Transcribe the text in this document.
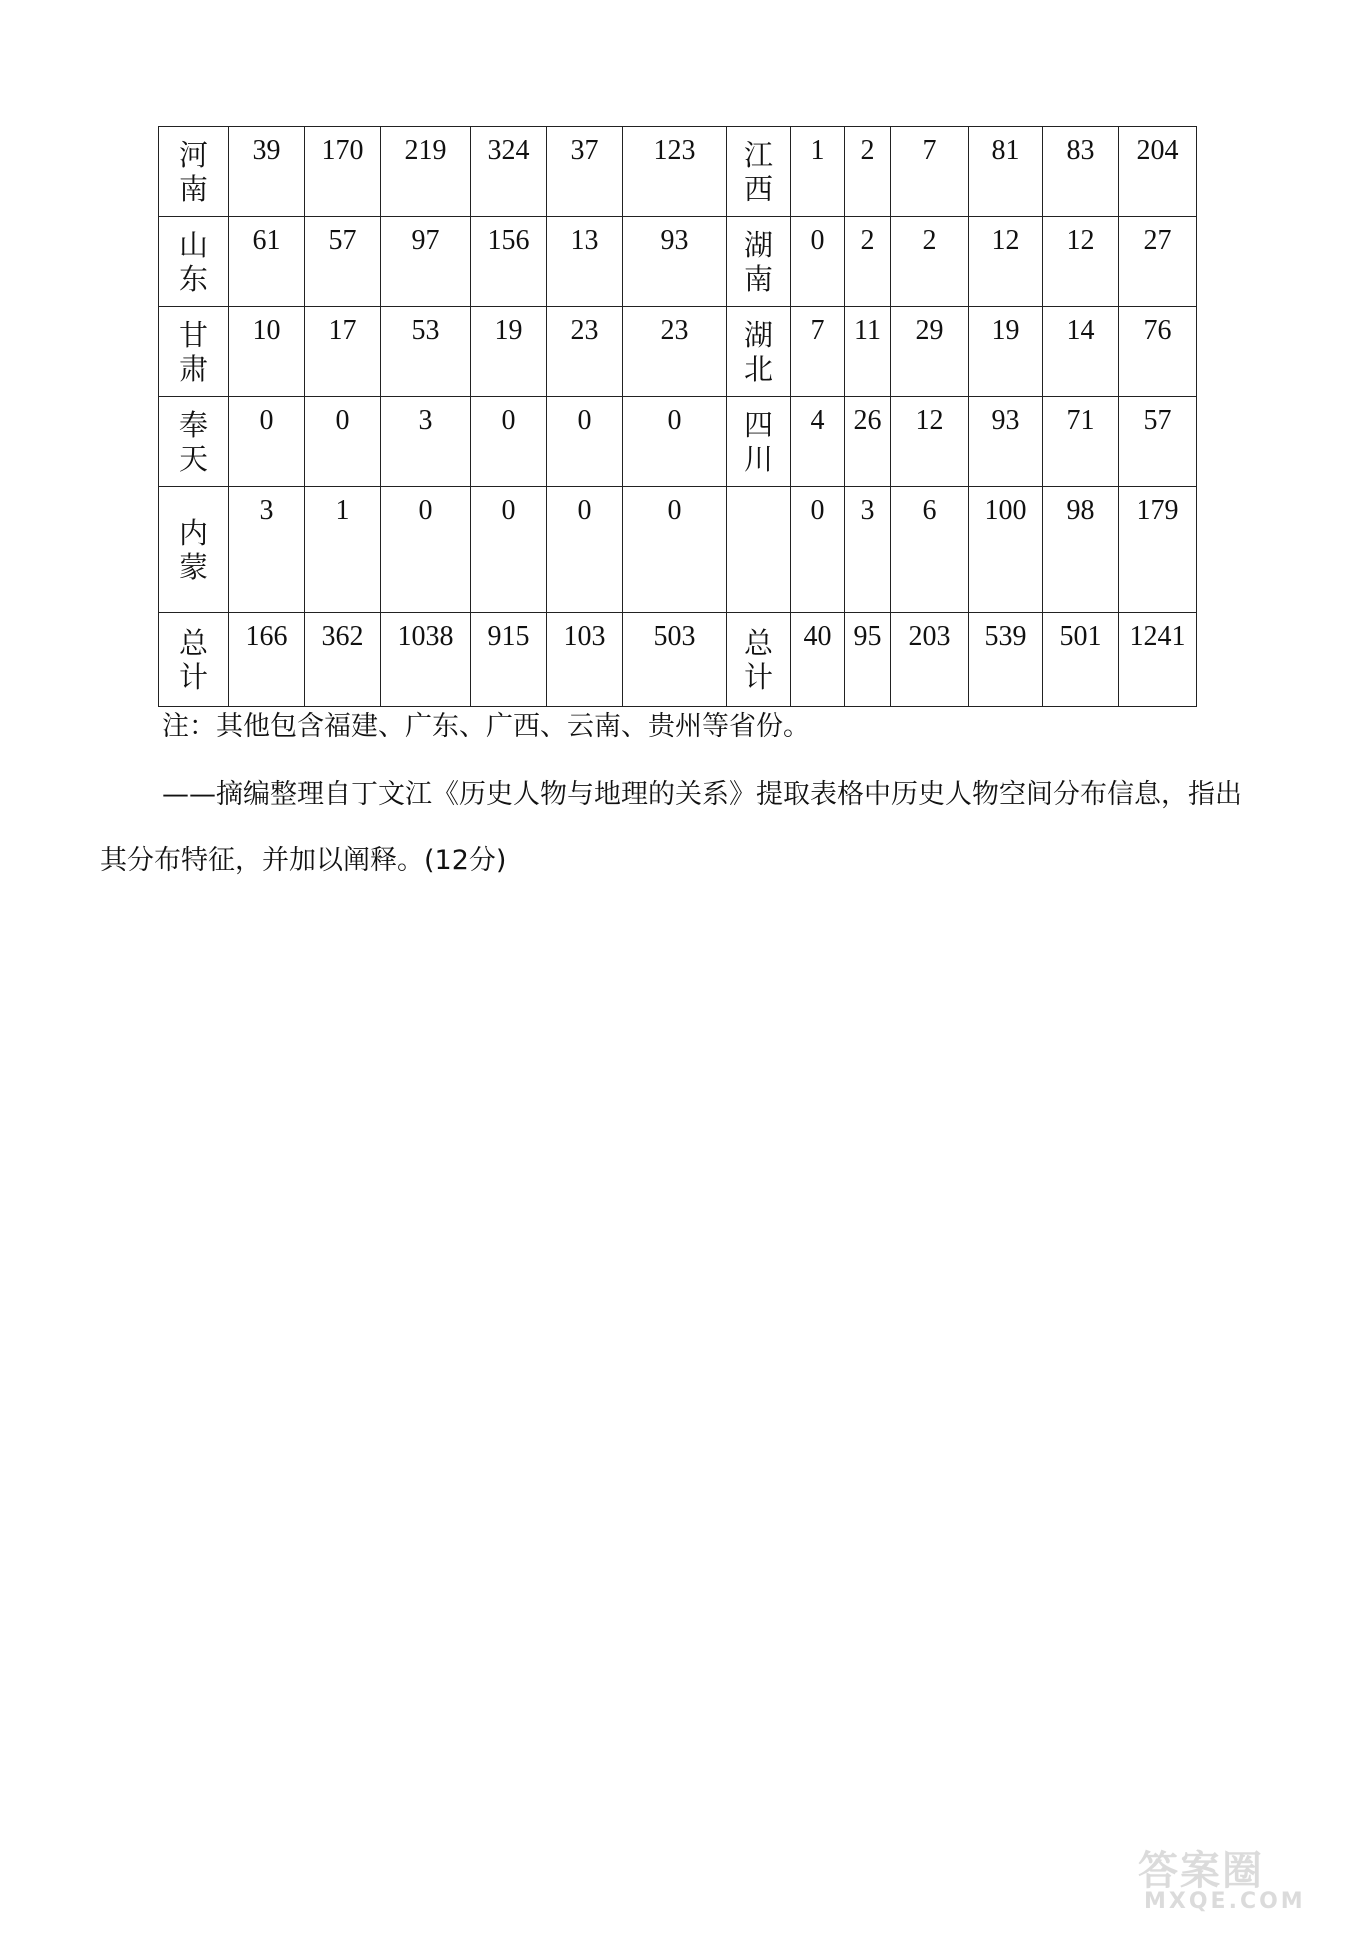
河南	39	170	219	324	37	123	江西	1	2	7	81	83	204
山东	61	57	97	156	13	93	湖南	0	2	2	12	12	27
甘肃	10	17	53	19	23	23	湖北	7	11	29	19	14	76
奉天	0	0	3	0	0	0	四川	4	26	12	93	71	57
内蒙	3	1	0	0	0	0		0	3	6	100	98	179
总计	166	362	1038	915	103	503	总计	40	95	203	539	501	1241
注：其他包含福建、广东、广西、云南、贵州等省份。
——摘编整理自丁文江《历史人物与地理的关系》提取表格中历史人物空间分布信息，指出其分布特征，并加以阐释。(12分)
答案圈
MXQE.COM
